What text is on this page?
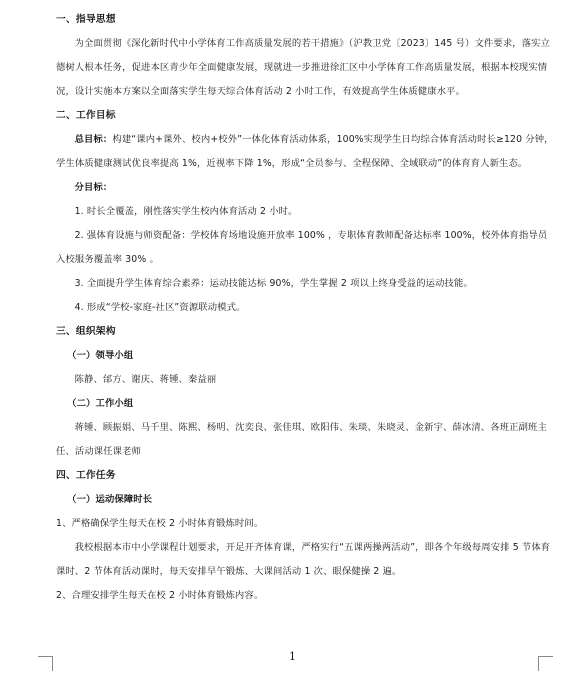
一、指导思想
为全面贯彻《深化新时代中小学体育工作高质量发展的若干措施》（沪教卫党〔2023〕145 号）文件要求，落实立德树人根本任务，促进本区青少年全面健康发展，现就进一步推进徐汇区中小学体育工作高质量发展，根据本校现实情况，设计实施本方案以全面落实学生每天综合体育活动 2 小时工作，有效提高学生体质健康水平。
二、工作目标
总目标：构建“课内+课外、校内+校外”一体化体育活动体系，100%实现学生日均综合体育活动时长≥120 分钟，学生体质健康测试优良率提高 1%，近视率下降 1%，形成“全员参与、全程保障、全域联动”的体育育人新生态。
分目标：
1. 时长全覆盖，刚性落实学生校内体育活动 2 小时。
2. 强体育设施与师资配备：学校体育场地设施开放率 100% ，专职体育教师配备达标率 100%，校外体育指导员入校服务覆盖率 30% 。
3. 全面提升学生体育综合素养：运动技能达标 90%，学生掌握 2 项以上终身受益的运动技能。
4. 形成“学校-家庭-社区”资源联动模式。
三、组织架构
（一）领导小组
陈静、邰方、谢庆、蒋锺、秦益丽
（二）工作小组
蒋锺、顾振娟、马千里、陈熙、杨明、沈奕良、张佳琪、欧阳伟、朱琰、朱晓灵、金新宇、薛冰清、各班正副班主任、活动课任课老师
四、工作任务
（一）运动保障时长
1、严格确保学生每天在校 2 小时体育锻炼时间。
我校根据本市中小学课程计划要求，开足开齐体育课，严格实行“五课两操两活动”，即各个年级每周安排 5 节体育课时、2 节体育活动课时，每天安排早午锻炼、大课间活动 1 次、眼保健操 2 遍。
2、合理安排学生每天在校 2 小时体育锻炼内容。
1
